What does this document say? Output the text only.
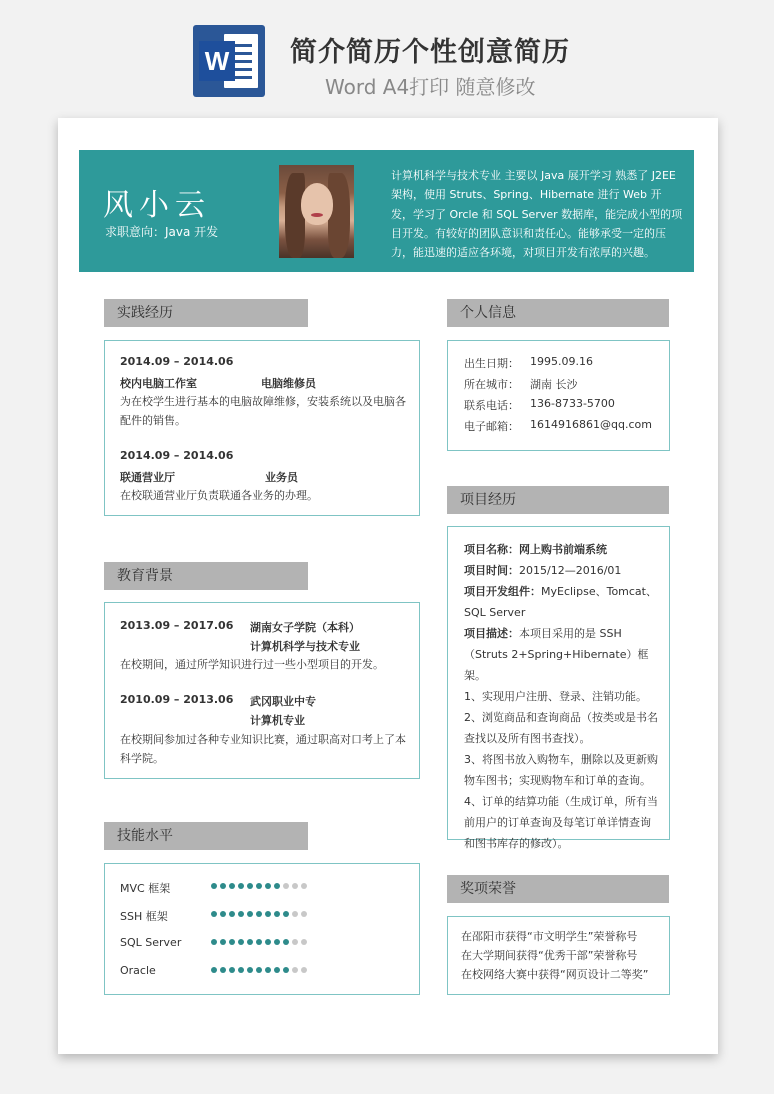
W 简介简历个性创意简历
Word A4打印 随意修改
风小云
求职意向：Java 开发
计算机科学与技术专业 主要以 Java 展开学习 熟悉了 J2EE 架构，使用 Struts、Spring、Hibernate 进行 Web 开发，学习了 Orcle 和 SQL Server 数据库，能完成小型的项目开发。有较好的团队意识和责任心。能够承受一定的压力，能迅速的适应各环境，对项目开发有浓厚的兴趣。
实践经历
2014.09 – 2014.06
校内电脑工作室	电脑维修员
为在校学生进行基本的电脑故障维修，安装系统以及电脑各配件的销售。
2014.09 – 2014.06
联通营业厅	业务员
在校联通营业厅负责联通各业务的办理。
教育背景
2013.09 – 2017.06 湖南女子学院（本科）
计算机科学与技术专业
在校期间，通过所学知识进行过一些小型项目的开发。
2010.09 – 2013.06 武冈职业中专
计算机专业
在校期间参加过各种专业知识比赛，通过职高对口考上了本科学院。
技能水平
MVC 框架
SSH 框架
SQL Server
Oracle
个人信息
出生日期： 1995.09.16
所在城市： 湖南 长沙
联系电话： 136-8733-5700
电子邮箱： 1614916861@qq.com
项目经历
项目名称：网上购书前端系统
项目时间：2015/12—2016/01
项目开发组件：MyEclipse、Tomcat、SQL Server
项目描述：本项目采用的是 SSH（Struts 2+Spring+Hibernate）框架。
1、实现用户注册、登录、注销功能。
2、浏览商品和查询商品（按类或是书名查找以及所有图书查找）。
3、将图书放入购物车，删除以及更新购物车图书；实现购物车和订单的查询。
4、订单的结算功能（生成订单，所有当前用户的订单查询及每笔订单详情查询和图书库存的修改）。
奖项荣誉
在邵阳市获得“市文明学生”荣誉称号
在大学期间获得“优秀干部”荣誉称号
在校网络大赛中获得“网页设计二等奖”
